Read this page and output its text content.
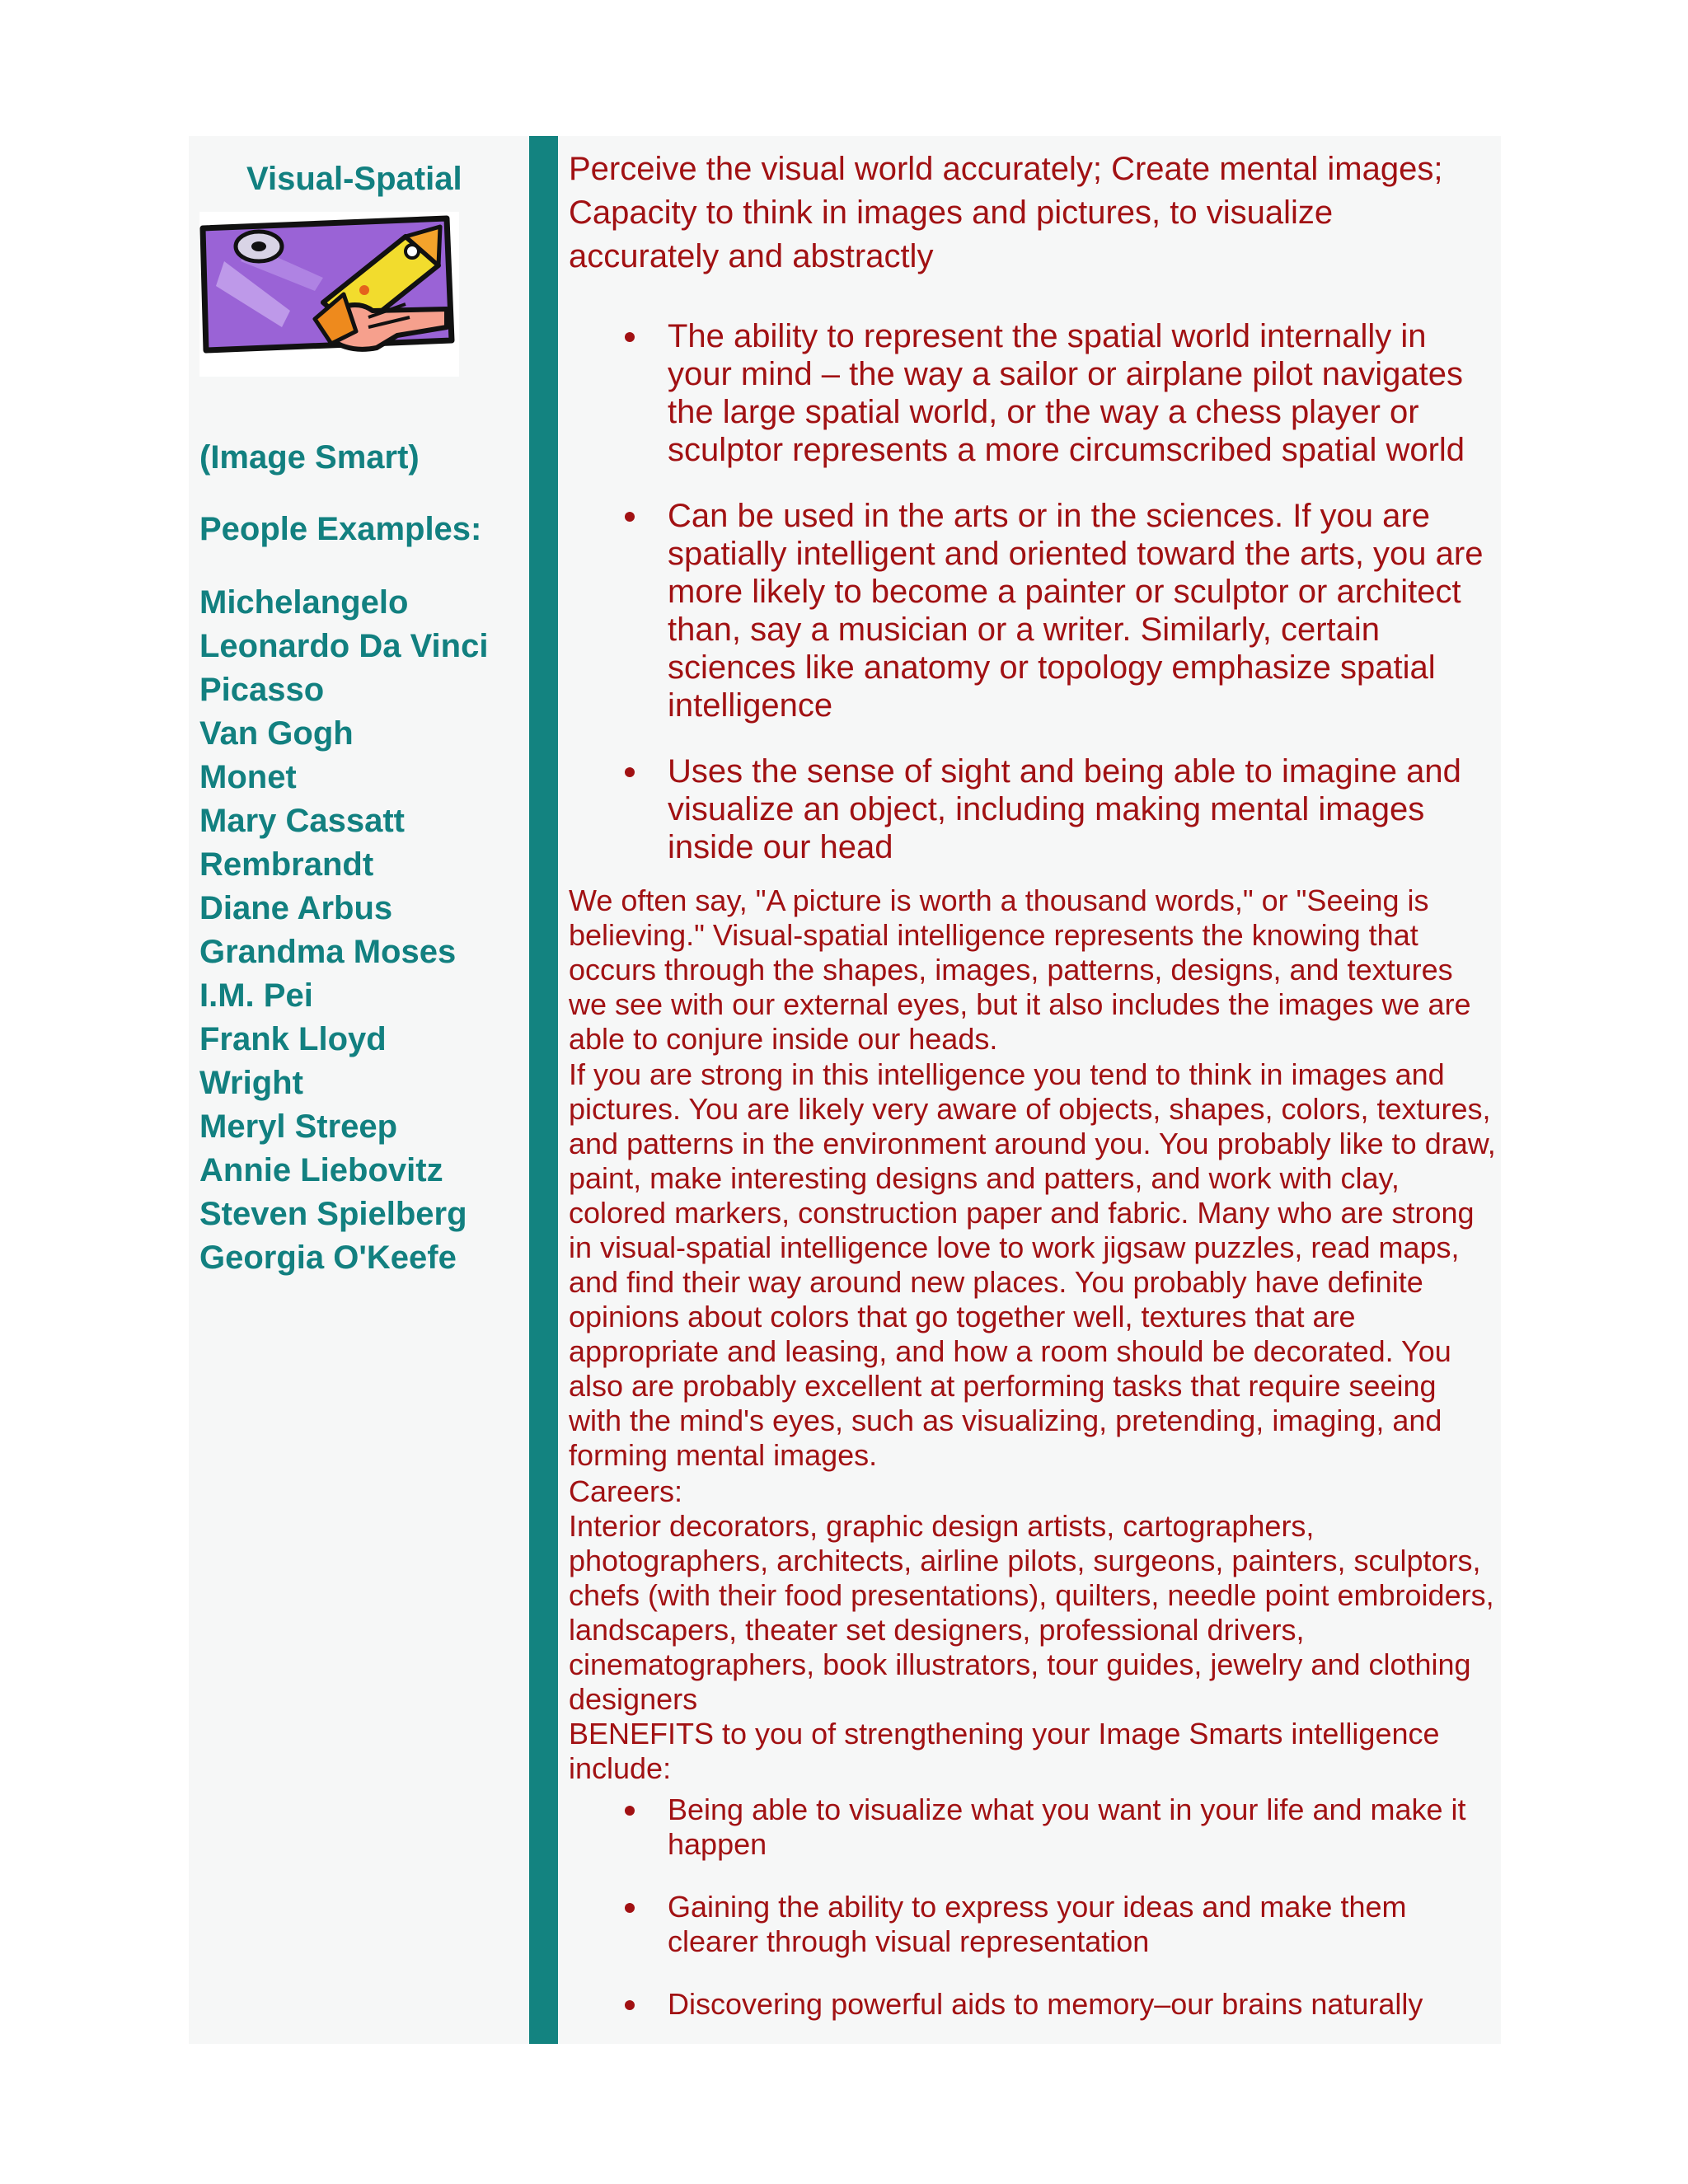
Visual-Spatial

(Image Smart)

People Examples:

Michelangelo
Leonardo Da Vinci
Picasso
Van Gogh
Monet
Mary Cassatt
Rembrandt
Diane Arbus
Grandma Moses
I.M. Pei
Frank Lloyd
Wright
Meryl Streep
Annie Liebovitz
Steven Spielberg
Georgia O'Keefe

Perceive the visual world accurately; Create mental images; Capacity to think in images and pictures, to visualize accurately and abstractly

The ability to represent the spatial world internally in your mind – the way a sailor or airplane pilot navigates the large spatial world, or the way a chess player or sculptor represents a more circumscribed spatial world
Can be used in the arts or in the sciences. If you are spatially intelligent and oriented toward the arts, you are more likely to become a painter or sculptor or architect than, say a musician or a writer. Similarly, certain sciences like anatomy or topology emphasize spatial intelligence
Uses the sense of sight and being able to imagine and visualize an object, including making mental images inside our head

We often say, "A picture is worth a thousand words," or "Seeing is believing." Visual-spatial intelligence represents the knowing that occurs through the shapes, images, patterns, designs, and textures we see with our external eyes, but it also includes the images we are able to conjure inside our heads.

If you are strong in this intelligence you tend to think in images and pictures. You are likely very aware of objects, shapes, colors, textures, and patterns in the environment around you. You probably like to draw, paint, make interesting designs and patters, and work with clay, colored markers, construction paper and fabric. Many who are strong in visual-spatial intelligence love to work jigsaw puzzles, read maps, and find their way around new places. You probably have definite opinions about colors that go together well, textures that are appropriate and leasing, and how a room should be decorated. You also are probably excellent at performing tasks that require seeing with the mind's eyes, such as visualizing, pretending, imaging, and forming mental images.

Careers:

Interior decorators, graphic design artists, cartographers, photographers, architects, airline pilots, surgeons, painters, sculptors, chefs (with their food presentations), quilters, needle point embroiders, landscapers, theater set designers, professional drivers, cinematographers, book illustrators, tour guides, jewelry and clothing designers

BENEFITS to you of strengthening your Image Smarts intelligence include:

Being able to visualize what you want in your life and make it happen
Gaining the ability to express your ideas and make them clearer through visual representation
Discovering powerful aids to memory–our brains naturally
